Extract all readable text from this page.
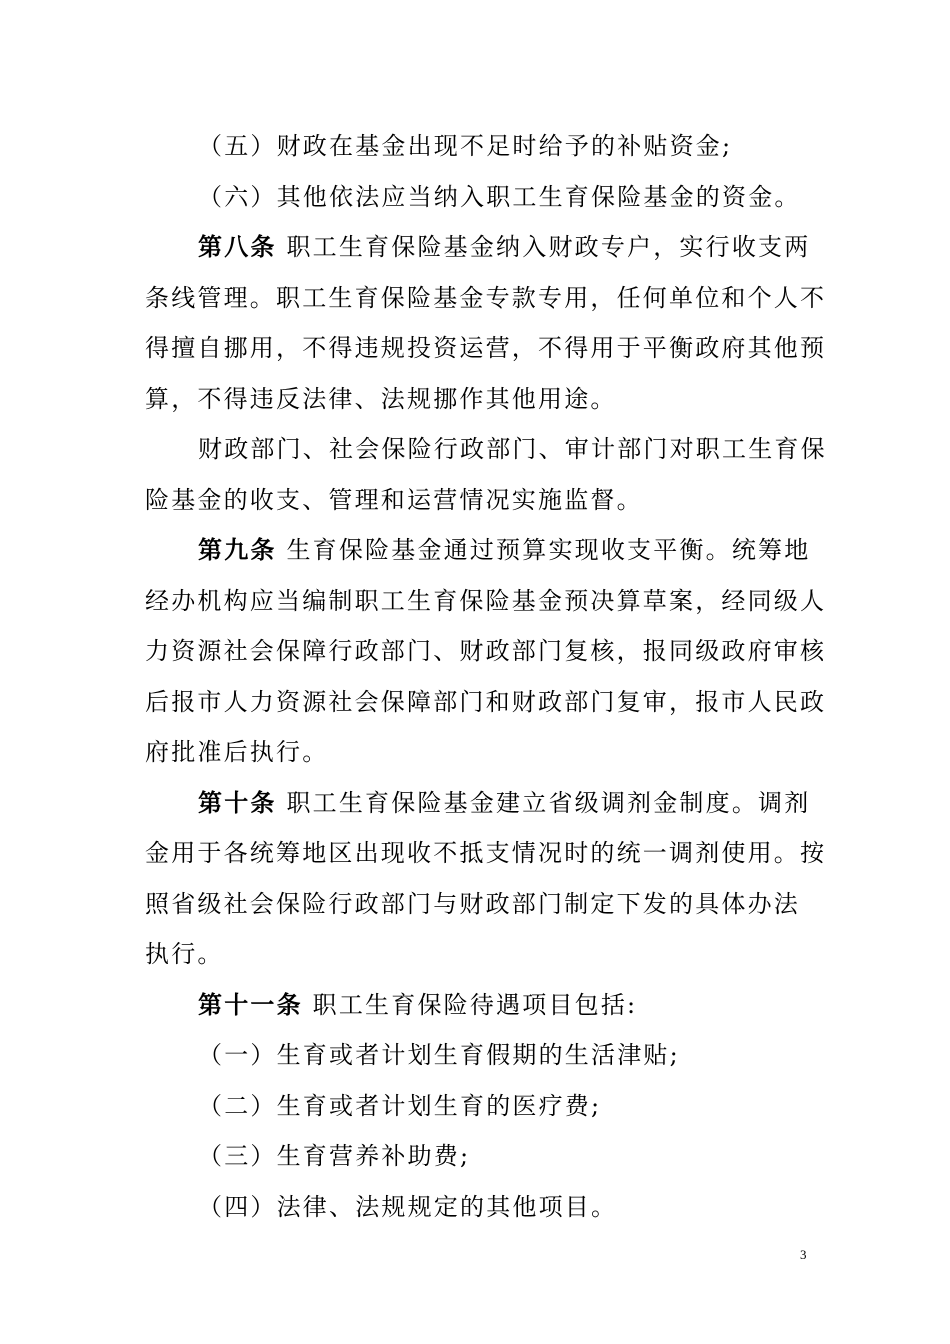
（五）财政在基金出现不足时给予的补贴资金;
（六）其他依法应当纳入职工生育保险基金的资金。
第八条 职工生育保险基金纳入财政专户，实行收支两
条线管理。职工生育保险基金专款专用，任何单位和个人不
得擅自挪用，不得违规投资运营，不得用于平衡政府其他预
算，不得违反法律、法规挪作其他用途。
财政部门、社会保险行政部门、审计部门对职工生育保
险基金的收支、管理和运营情况实施监督。
第九条 生育保险基金通过预算实现收支平衡。统筹地
经办机构应当编制职工生育保险基金预决算草案，经同级人
力资源社会保障行政部门、财政部门复核，报同级政府审核
后报市人力资源社会保障部门和财政部门复审，报市人民政
府批准后执行。
第十条 职工生育保险基金建立省级调剂金制度。调剂
金用于各统筹地区出现收不抵支情况时的统一调剂使用。按
照省级社会保险行政部门与财政部门制定下发的具体办法
执行。
第十一条 职工生育保险待遇项目包括:
（一）生育或者计划生育假期的生活津贴;
（二）生育或者计划生育的医疗费;
（三）生育营养补助费;
（四）法律、法规规定的其他项目。
3
